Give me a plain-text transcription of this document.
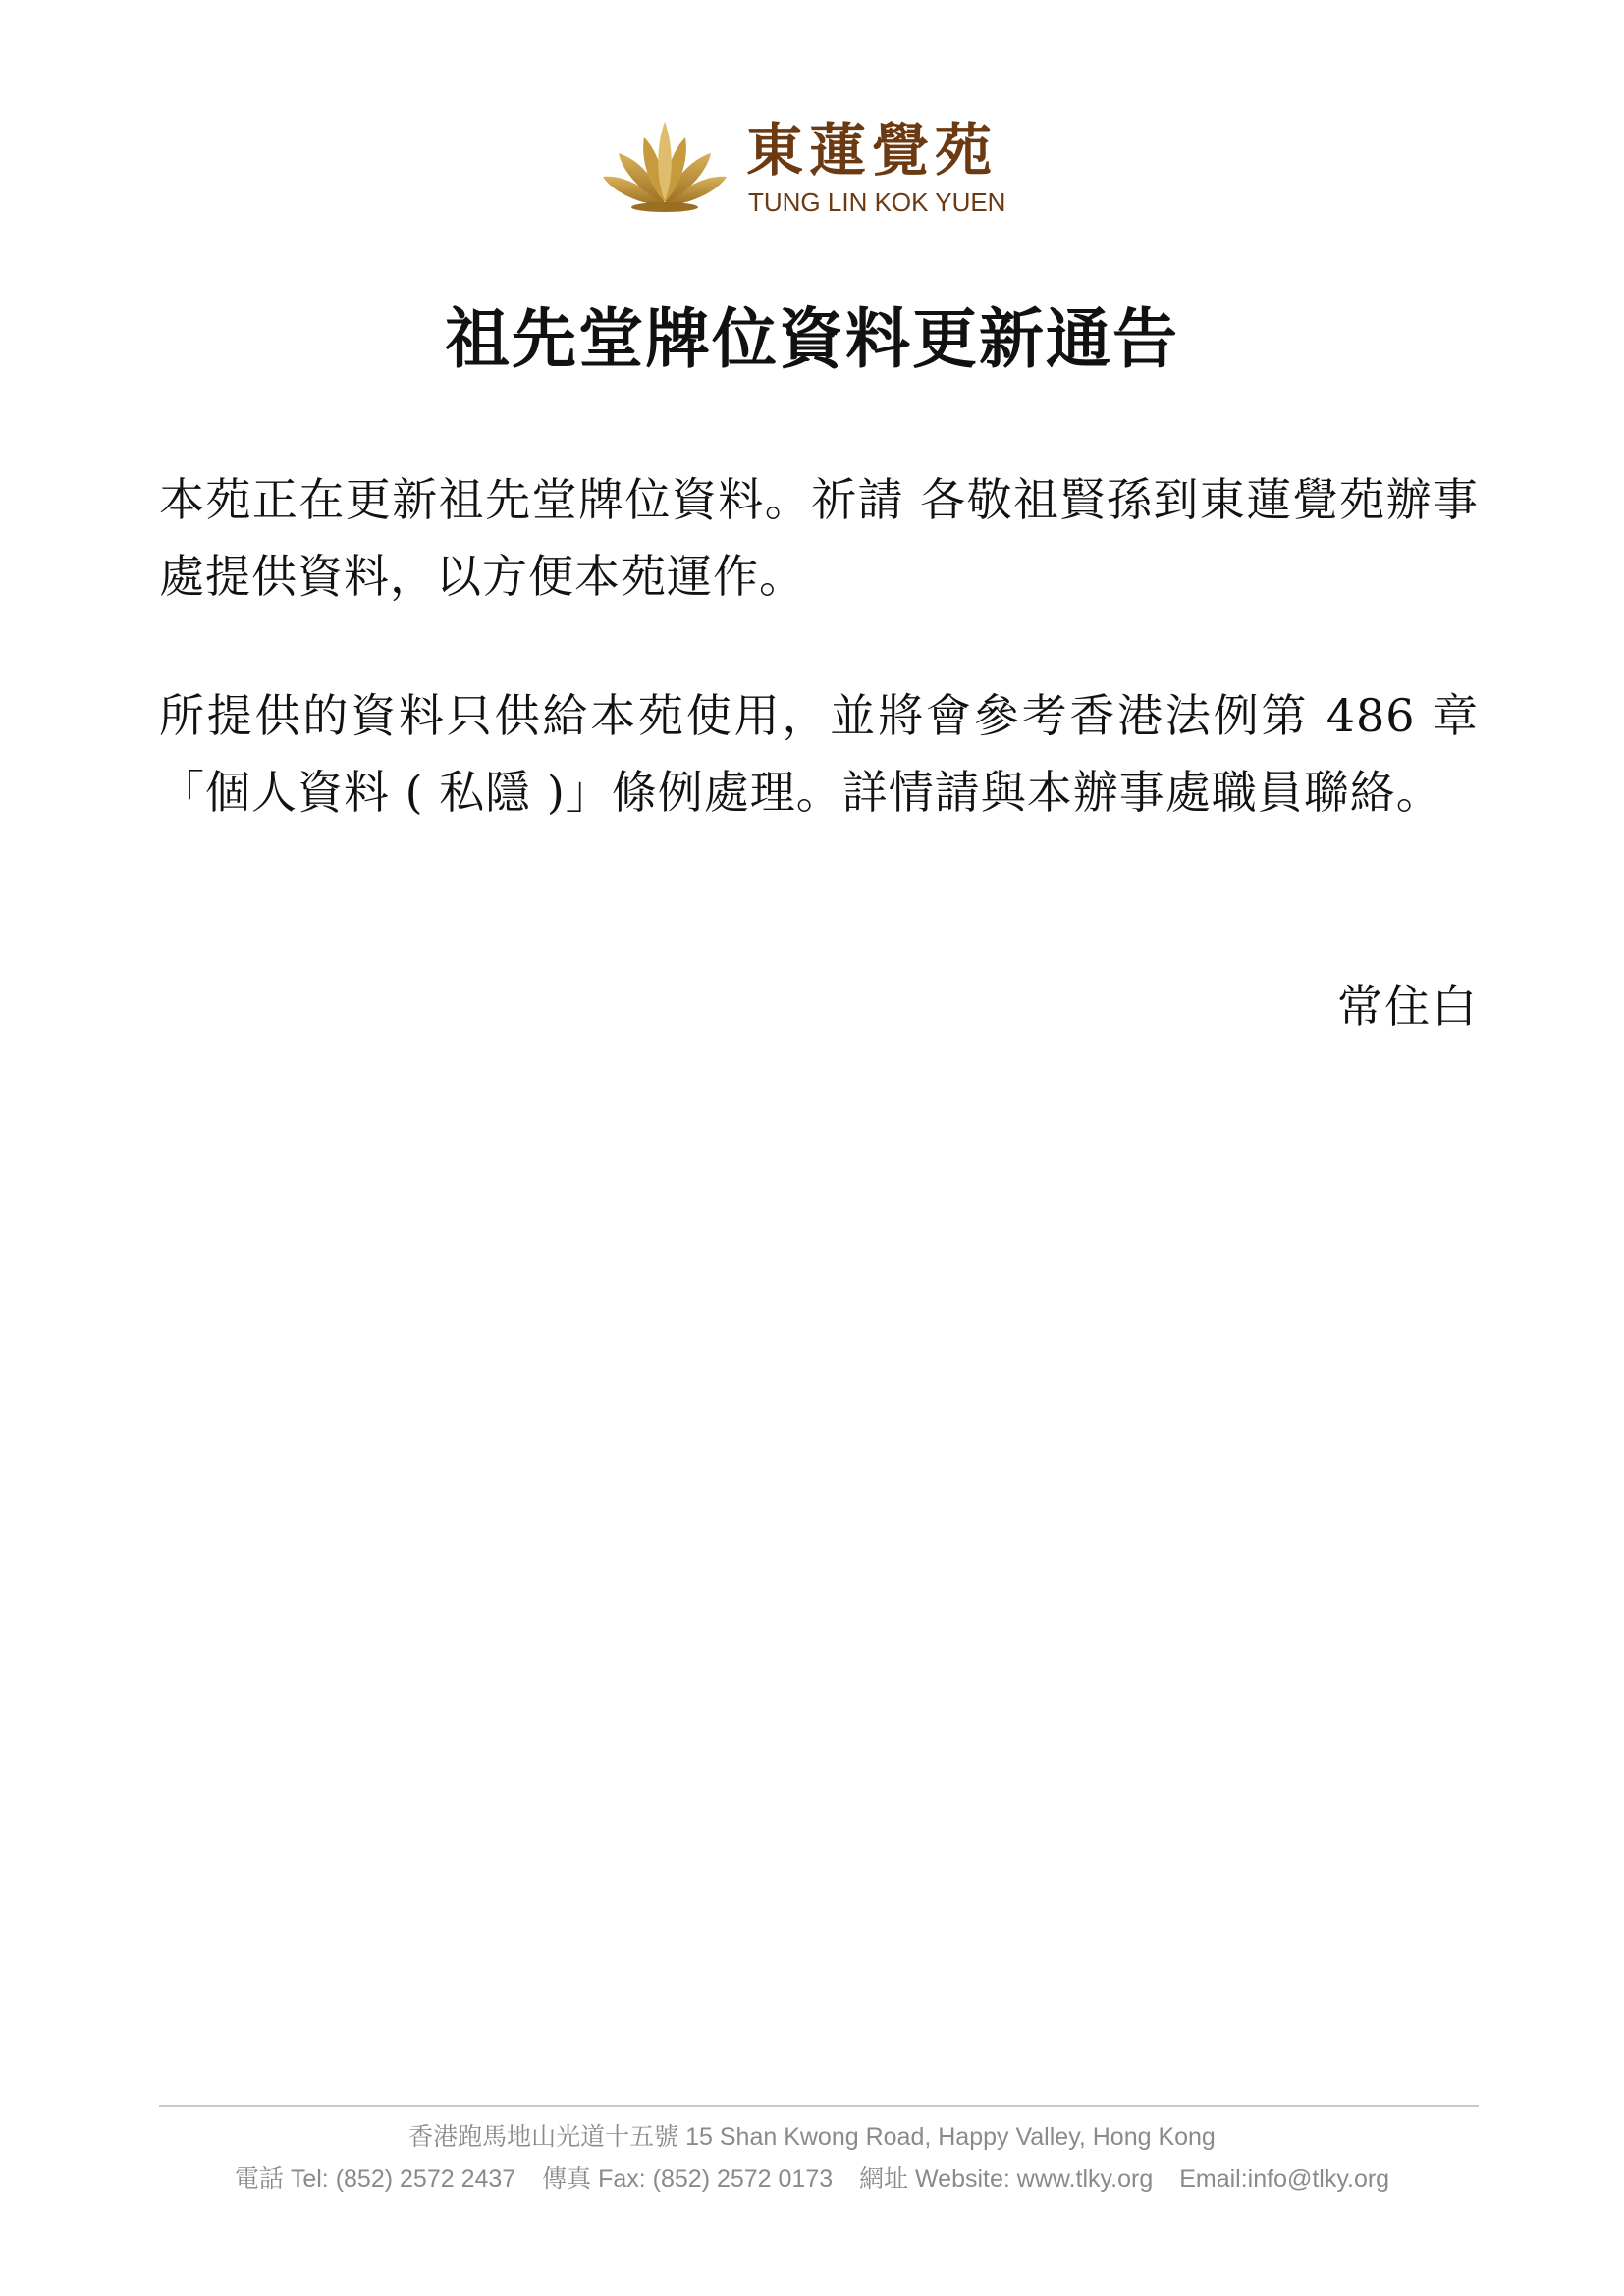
東蓮覺苑
TUNG LIN KOK YUEN
祖先堂牌位資料更新通告
本苑正在更新祖先堂牌位資料。祈請 各敬祖賢孫到東蓮覺苑辦事處提供資料，以方便本苑運作。
所提供的資料只供給本苑使用，並將會參考香港法例第 486 章「個人資料 ( 私隱 )」條例處理。詳情請與本辦事處職員聯絡。
常住白
香港跑馬地山光道十五號 15 Shan Kwong Road, Happy Valley, Hong Kong
電話 Tel: (852) 2572 2437 傳真 Fax: (852) 2572 0173 網址 Website: www.tlky.org Email:info@tlky.org
